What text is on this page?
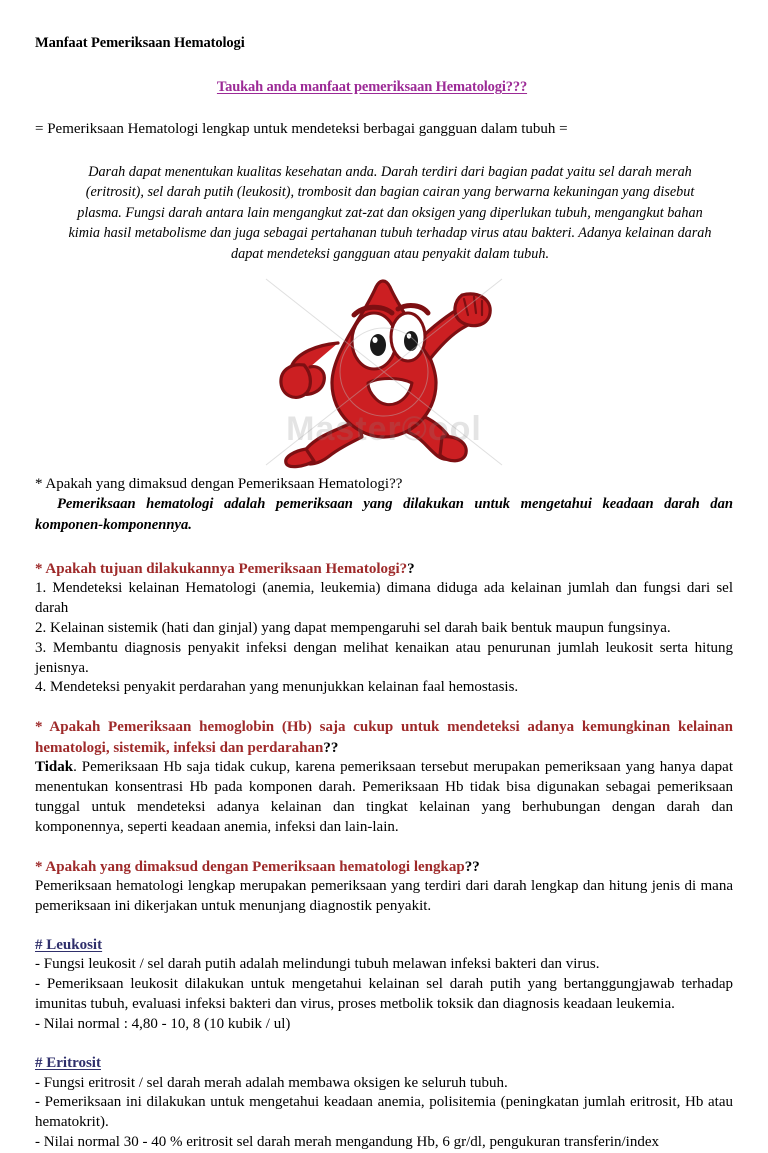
Manfaat Pemeriksaan Hematologi
Taukah anda manfaat pemeriksaan Hematologi???

= Pemeriksaan Hematologi lengkap untuk mendeteksi berbagai gangguan dalam tubuh =

Darah dapat menentukan kualitas kesehatan anda. Darah terdiri dari bagian padat yaitu sel darah merah (eritrosit), sel darah putih (leukosit), trombosit dan bagian cairan yang berwarna kekuningan yang disebut plasma. Fungsi darah antara lain mengangkut zat-zat dan oksigen yang diperlukan tubuh, mengangkut bahan kimia hasil metabolisme dan juga sebagai pertahanan tubuh terhadap virus atau bakteri. Adanya kelainan darah dapat mendeteksi gangguan atau penyakit dalam tubuh.

Master©ool

* Apakah yang dimaksud dengan Pemeriksaan Hematologi??

Pemeriksaan hematologi adalah pemeriksaan yang dilakukan untuk mengetahui keadaan darah dan komponen-komponennya.

* Apakah tujuan dilakukannya Pemeriksaan Hematologi??

1. Mendeteksi kelainan Hematologi (anemia, leukemia) dimana diduga ada kelainan jumlah dan fungsi dari sel darah

2. Kelainan sistemik (hati dan ginjal) yang dapat mempengaruhi sel darah baik bentuk maupun fungsinya.

3. Membantu diagnosis penyakit infeksi dengan melihat kenaikan atau penurunan jumlah leukosit serta hitung jenisnya.

4. Mendeteksi penyakit perdarahan yang menunjukkan kelainan faal hemostasis.

* Apakah Pemeriksaan hemoglobin (Hb) saja cukup untuk mendeteksi adanya kemungkinan kelainan hematologi, sistemik, infeksi dan perdarahan??

Tidak. Pemeriksaan Hb saja tidak cukup, karena pemeriksaan tersebut merupakan pemeriksaan yang hanya dapat menentukan konsentrasi Hb pada komponen darah. Pemeriksaan Hb tidak bisa digunakan sebagai pemeriksaan tunggal untuk mendeteksi adanya kelainan dan tingkat kelainan yang berhubungan dengan darah dan komponennya, seperti keadaan anemia, infeksi dan lain-lain.

* Apakah yang dimaksud dengan Pemeriksaan hematologi lengkap??

Pemeriksaan hematologi lengkap merupakan pemeriksaan yang terdiri dari darah lengkap dan hitung jenis di mana pemeriksaan ini dikerjakan untuk menunjang diagnostik penyakit.

# Leukosit

- Fungsi leukosit / sel darah putih adalah melindungi tubuh melawan infeksi bakteri dan virus.

- Pemeriksaan leukosit dilakukan untuk mengetahui kelainan sel darah putih yang bertanggungjawab terhadap imunitas tubuh, evaluasi infeksi bakteri dan virus, proses metbolik toksik dan diagnosis keadaan leukemia.

- Nilai normal : 4,80 - 10, 8 (10 kubik / ul)

# Eritrosit

- Fungsi eritrosit / sel darah merah adalah membawa oksigen ke seluruh tubuh.

- Pemeriksaan ini dilakukan untuk mengetahui keadaan anemia, polisitemia (peningkatan jumlah eritrosit, Hb atau hematokrit).

- Nilai normal 30 - 40 % eritrosit sel darah merah mengandung Hb, 6 gr/dl, pengukuran transferin/index
